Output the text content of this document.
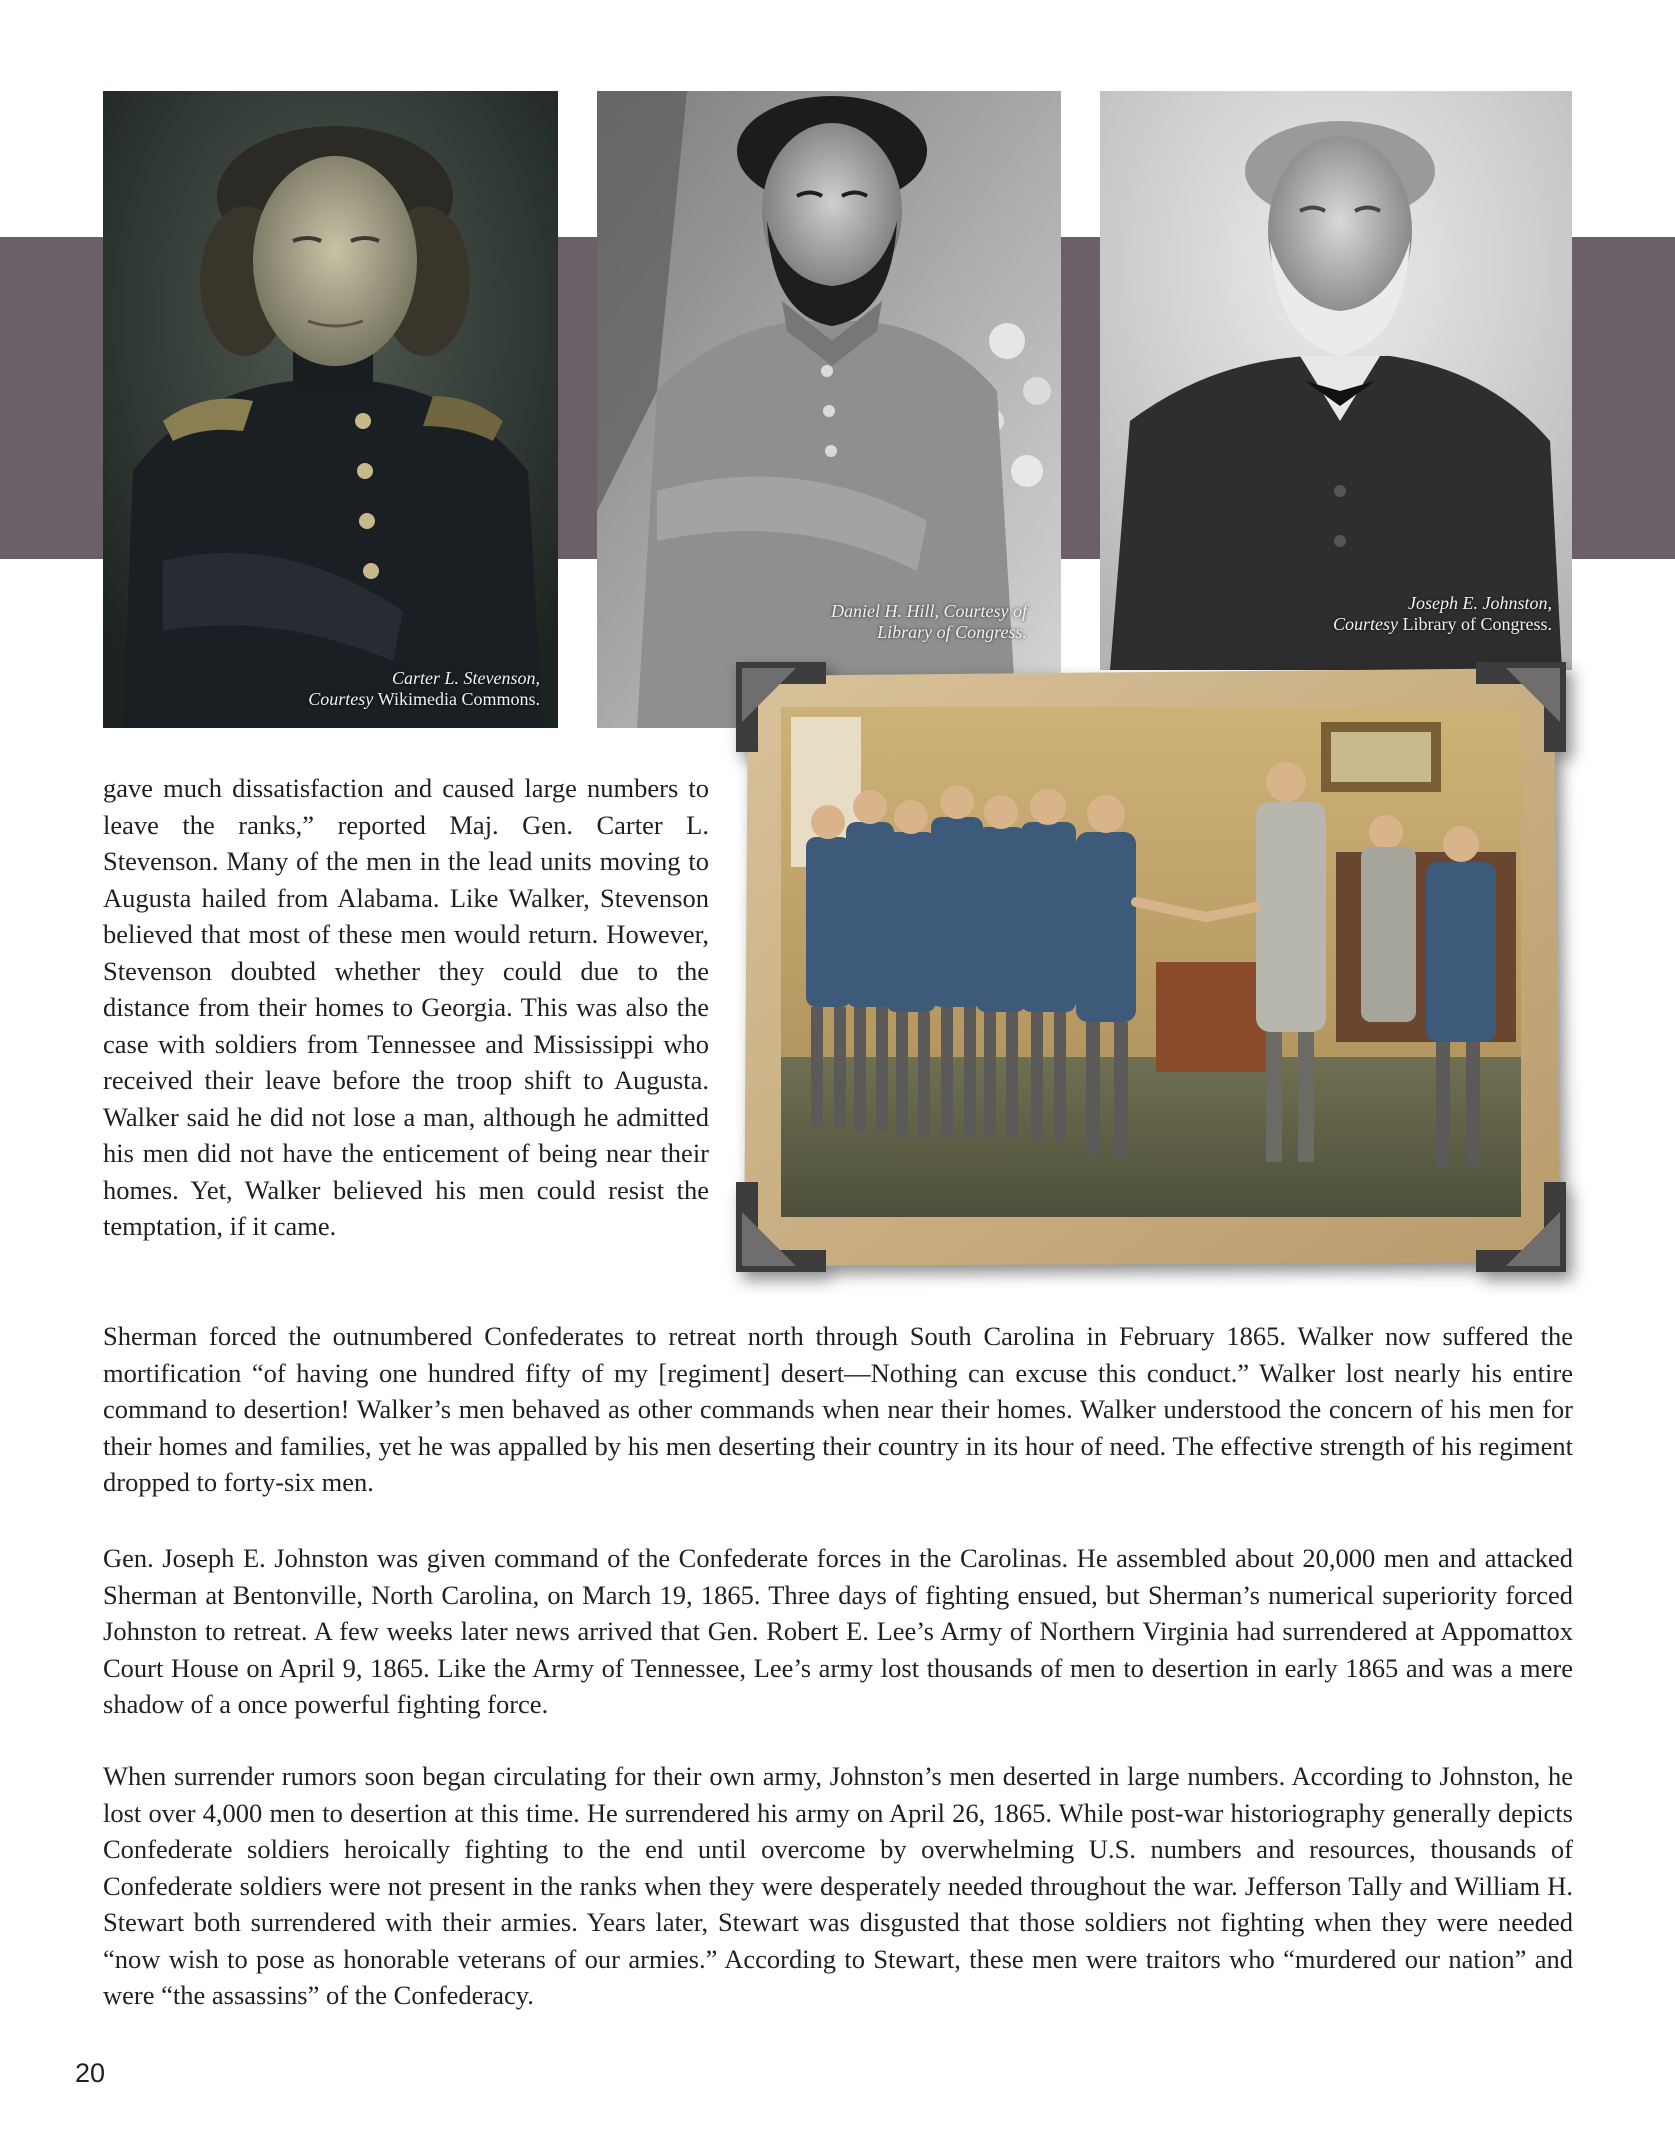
Carter L. Stevenson,
Courtesy Wikimedia Commons.
Daniel H. Hill, Courtesy of
Library of Congress.
Joseph E. Johnston,
Courtesy Library of Congress.

gave much dissatisfaction and caused large numbers to leave the ranks,” reported Maj. Gen. Carter L. Stevenson. Many of the men in the lead units moving to Augusta hailed from Alabama. Like Walker, Stevenson believed that most of these men would return. However, Stevenson doubted whether they could due to the distance from their homes to Georgia. This was also the case with soldiers from Tennessee and Mississippi who received their leave before the troop shift to Augusta. Walker said he did not lose a man, although he admitted his men did not have the enticement of being near their homes. Yet, Walker believed his men could resist the temptation, if it came.

Sherman forced the outnumbered Confederates to retreat north through South Carolina in February 1865. Walker now suffered the mortification “of having one hundred fifty of my [regiment] desert—Nothing can excuse this conduct.” Walker lost nearly his entire command to desertion! Walker’s men behaved as other commands when near their homes. Walker understood the concern of his men for their homes and families, yet he was appalled by his men deserting their country in its hour of need. The effective strength of his regiment dropped to forty-six men.

Gen. Joseph E. Johnston was given command of the Confederate forces in the Carolinas. He assembled about 20,000 men and attacked Sherman at Bentonville, North Carolina, on March 19, 1865. Three days of fighting ensued, but Sherman’s numerical superiority forced Johnston to retreat. A few weeks later news arrived that Gen. Robert E. Lee’s Army of Northern Virginia had surrendered at Appomattox Court House on April 9, 1865. Like the Army of Tennessee, Lee’s army lost thousands of men to desertion in early 1865 and was a mere shadow of a once powerful fighting force.

When surrender rumors soon began circulating for their own army, Johnston’s men deserted in large numbers. According to Johnston, he lost over 4,000 men to desertion at this time. He surrendered his army on April 26, 1865. While post-war historiography generally depicts Confederate soldiers heroically fighting to the end until overcome by overwhelming U.S. numbers and resources, thousands of Confederate soldiers were not present in the ranks when they were desperately needed throughout the war. Jefferson Tally and William H. Stewart both surrendered with their armies. Years later, Stewart was disgusted that those soldiers not fighting when they were needed “now wish to pose as honorable veterans of our armies.” According to Stewart, these men were traitors who “murdered our nation” and were “the assassins” of the Confederacy.

20
